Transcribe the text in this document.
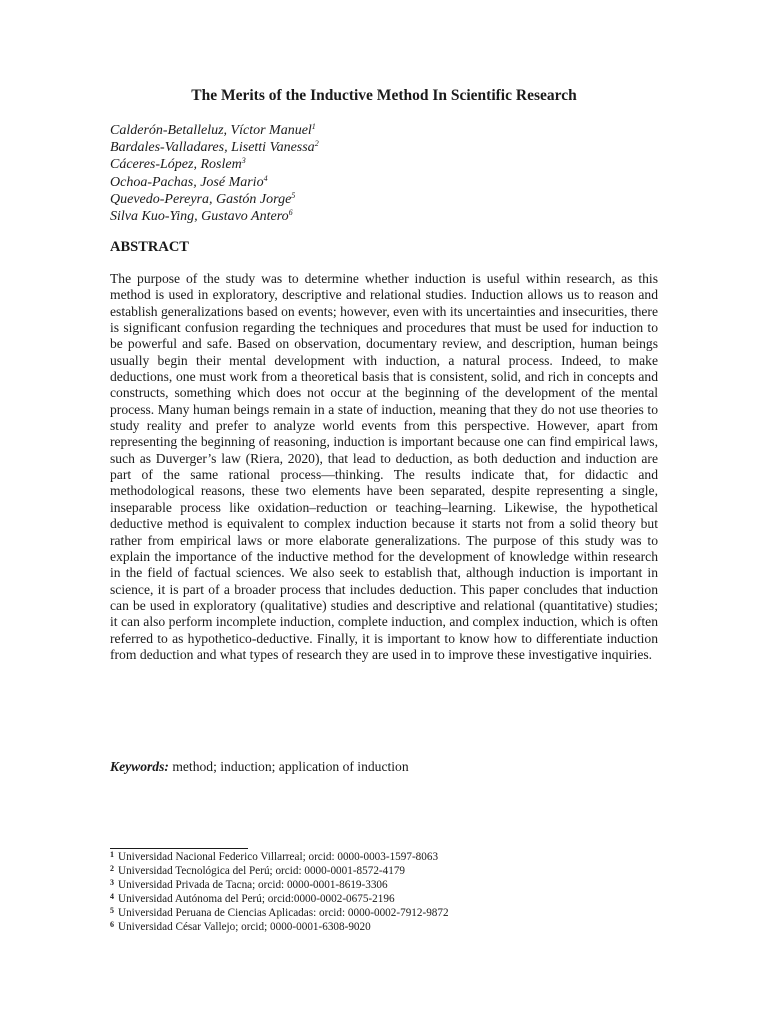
The Merits of the Inductive Method In Scientific Research
Calderón-Betalleluz, Víctor Manuel$^1$
Bardales-Valladares, Lisetti Vanessa$^2$
Cáceres-López, Roslem$^3$
Ochoa-Pachas, José Mario$^4$
Quevedo-Pereyra, Gastón Jorge$^5$
Silva Kuo-Ying, Gustavo Antero$^6$
ABSTRACT
The purpose of the study was to determine whether induction is useful within research, as this method is used in exploratory, descriptive and relational studies. Induction allows us to reason and establish generalizations based on events; however, even with its uncertainties and insecurities, there is significant confusion regarding the techniques and procedures that must be used for induction to be powerful and safe. Based on observation, documentary review, and description, human beings usually begin their mental development with induction, a natural process. Indeed, to make deductions, one must work from a theoretical basis that is consistent, solid, and rich in concepts and constructs, something which does not occur at the beginning of the development of the mental process. Many human beings remain in a state of induction, meaning that they do not use theories to study reality and prefer to analyze world events from this perspective. However, apart from representing the beginning of reasoning, induction is important because one can find empirical laws, such as Duverger’s law (Riera, 2020), that lead to deduction, as both deduction and induction are part of the same rational process—thinking. The results indicate that, for didactic and methodological reasons, these two elements have been separated, despite representing a single, inseparable process like oxidation–reduction or teaching–learning. Likewise, the hypothetical deductive method is equivalent to complex induction because it starts not from a solid theory but rather from empirical laws or more elaborate generalizations. The purpose of this study was to explain the importance of the inductive method for the development of knowledge within research in the field of factual sciences. We also seek to establish that, although induction is important in science, it is part of a broader process that includes deduction. This paper concludes that induction can be used in exploratory (qualitative) studies and descriptive and relational (quantitative) studies; it can also perform incomplete induction, complete induction, and complex induction, which is often referred to as hypothetico-deductive. Finally, it is important to know how to differentiate induction from deduction and what types of research they are used in to improve these investigative inquiries.
Keywords: method; induction; application of induction
$^1$ Universidad Nacional Federico Villarreal; orcid: 0000-0003-1597-8063
$^2$ Universidad Tecnológica del Perú; orcid: 0000-0001-8572-4179
$^3$ Universidad Privada de Tacna; orcid: 0000-0001-8619-3306
$^4$ Universidad Autónoma del Perú; orcid:0000-0002-0675-2196
$^5$ Universidad Peruana de Ciencias Aplicadas: orcid: 0000-0002-7912-9872
$^6$ Universidad César Vallejo; orcid; 0000-0001-6308-9020
